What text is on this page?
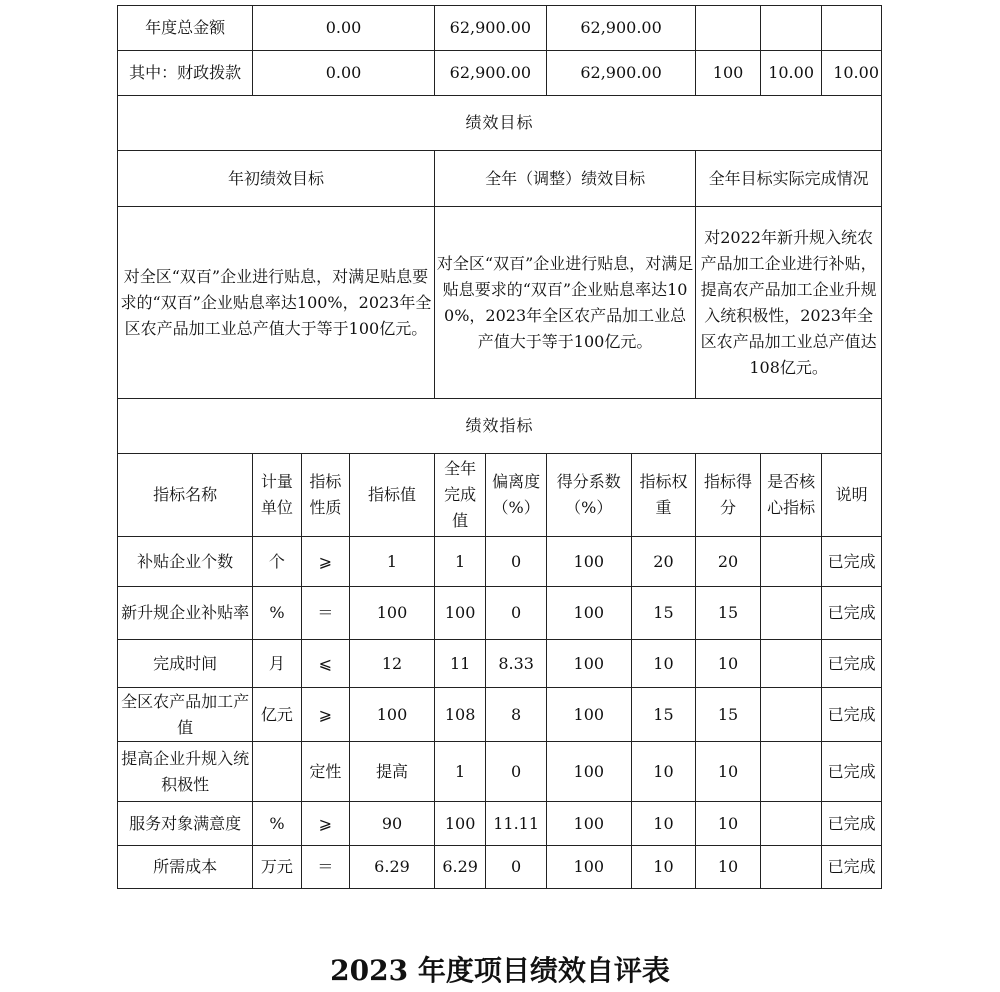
年度总金额	0.00			62,900.00		62,900.00				
其中：财政拨款	0.00			62,900.00		62,900.00		100	10.00	10.00
绩效目标										
年初绩效目标				全年（调整）绩效目标				全年目标实际完成情况		
对全区“双百”企业进行贴息，对满足贴息要求的“双百”企业贴息率达100%，2023年全区农产品加工业总产值大于等于100亿元。				对全区“双百”企业进行贴息，对满足贴息要求的“双百”企业贴息率达100%，2023年全区农产品加工业总产值大于等于100亿元。				对2022年新升规入统农产品加工企业进行补贴，提高农产品加工企业升规入统积极性，2023年全区农产品加工业总产值达108亿元。		
绩效指标										
指标名称	计量单位	指标性质	指标值	全年完成值	偏离度（%）	得分系数（%）	指标权重	指标得分	是否核心指标	说明
补贴企业个数	个	⩾	1	1	0	100	20	20		已完成
新升规企业补贴率	%	＝	100	100	0	100	15	15		已完成
完成时间	月	⩽	12	11	8.33	100	10	10		已完成
全区农产品加工产值	亿元	⩾	100	108	8	100	15	15		已完成
提高企业升规入统积极性		定性	提高	1	0	100	10	10		已完成
服务对象满意度	%	⩾	90	100	11.11	100	10	10		已完成
所需成本	万元	＝	6.29	6.29	0	100	10	10		已完成
2023 年度项目绩效自评表
